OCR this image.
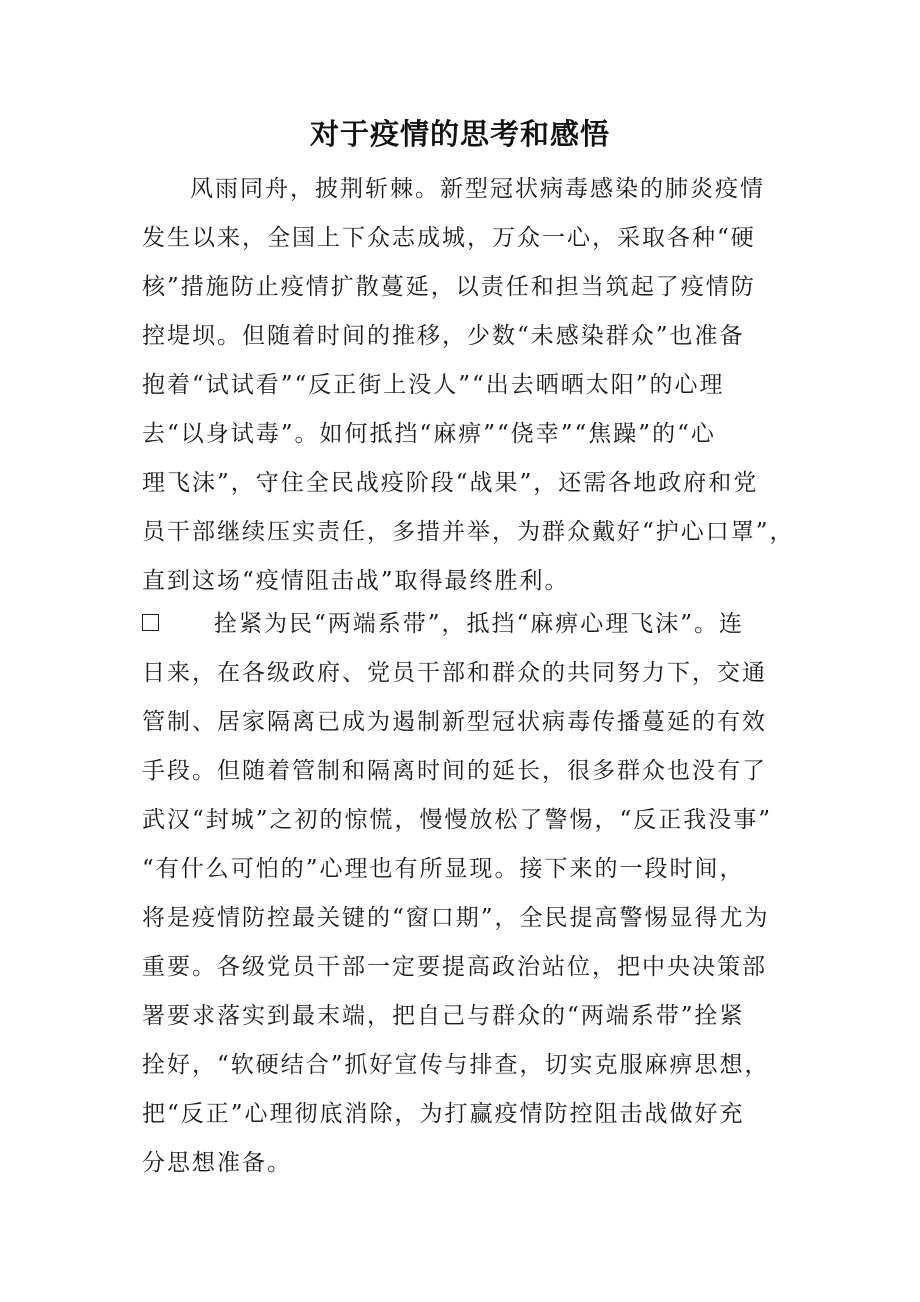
对于疫情的思考和感悟
风雨同舟，披荆斩棘。新型冠状病毒感染的肺炎疫情
发生以来，全国上下众志成城，万众一心，采取各种“硬
核”措施防止疫情扩散蔓延，以责任和担当筑起了疫情防
控堤坝。但随着时间的推移，少数“未感染群众”也准备
抱着“试试看”“反正街上没人”“出去晒晒太阳”的心理
去“以身试毒”。如何抵挡“麻痹”“侥幸”“焦躁”的“心
理飞沫”，守住全民战疫阶段“战果”，还需各地政府和党
员干部继续压实责任，多措并举，为群众戴好“护心口罩”，
直到这场“疫情阻击战”取得最终胜利。
拴紧为民“两端系带”，抵挡“麻痹心理飞沫”。连
日来，在各级政府、党员干部和群众的共同努力下，交通
管制、居家隔离已成为遏制新型冠状病毒传播蔓延的有效
手段。但随着管制和隔离时间的延长，很多群众也没有了
武汉“封城”之初的惊慌，慢慢放松了警惕，“反正我没事”
“有什么可怕的”心理也有所显现。接下来的一段时间，
将是疫情防控最关键的“窗口期”，全民提高警惕显得尤为
重要。各级党员干部一定要提高政治站位，把中央决策部
署要求落实到最末端，把自己与群众的“两端系带”拴紧
拴好，“软硬结合”抓好宣传与排查，切实克服麻痹思想，
把“反正”心理彻底消除，为打赢疫情防控阻击战做好充
分思想准备。
